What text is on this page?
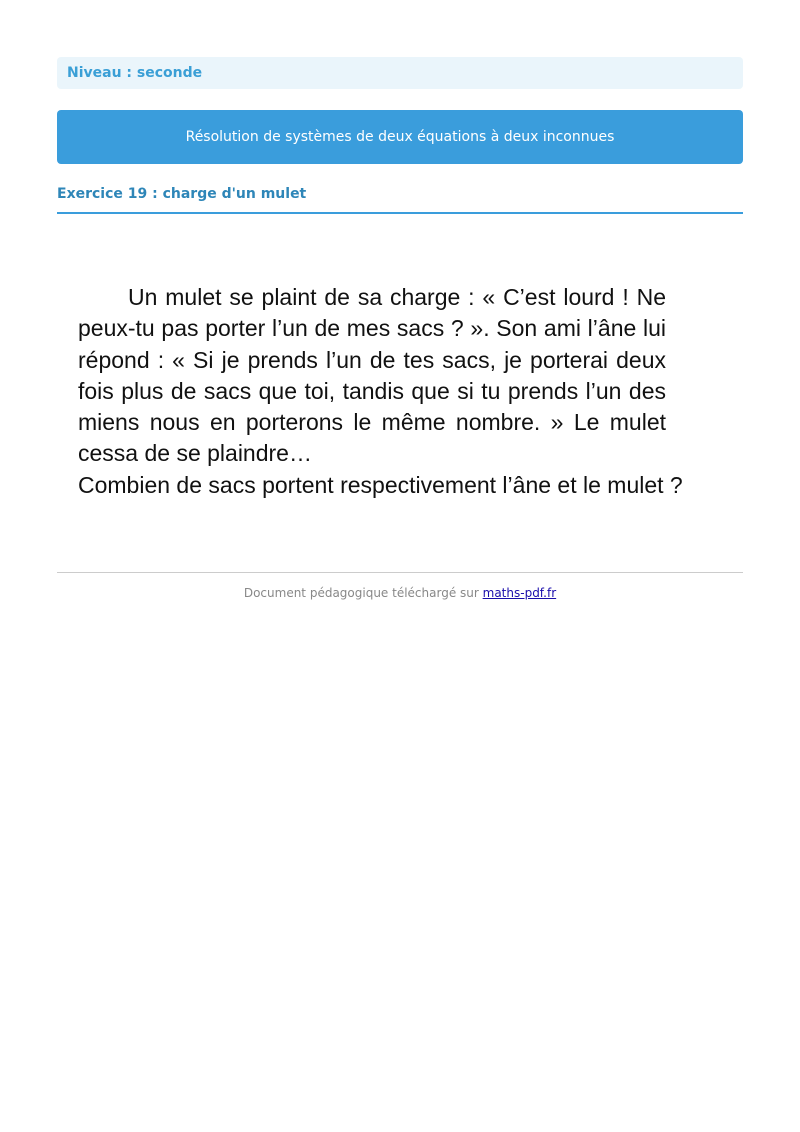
Niveau : seconde
Résolution de systèmes de deux équations à deux inconnues
Exercice 19 : charge d'un mulet

Un mulet se plaint de sa charge : « C’est lourd ! Ne peux-tu pas porter l’un de mes sacs ? ». Son ami l’âne lui répond : « Si je prends l’un de tes sacs, je porterai deux fois plus de sacs que toi, tandis que si tu prends l’un des miens nous en porterons le même nombre. » Le mulet cessa de se plaindre…

Combien de sacs portent respectivement l’âne et le mulet ?

Document pédagogique téléchargé sur maths-pdf.fr
